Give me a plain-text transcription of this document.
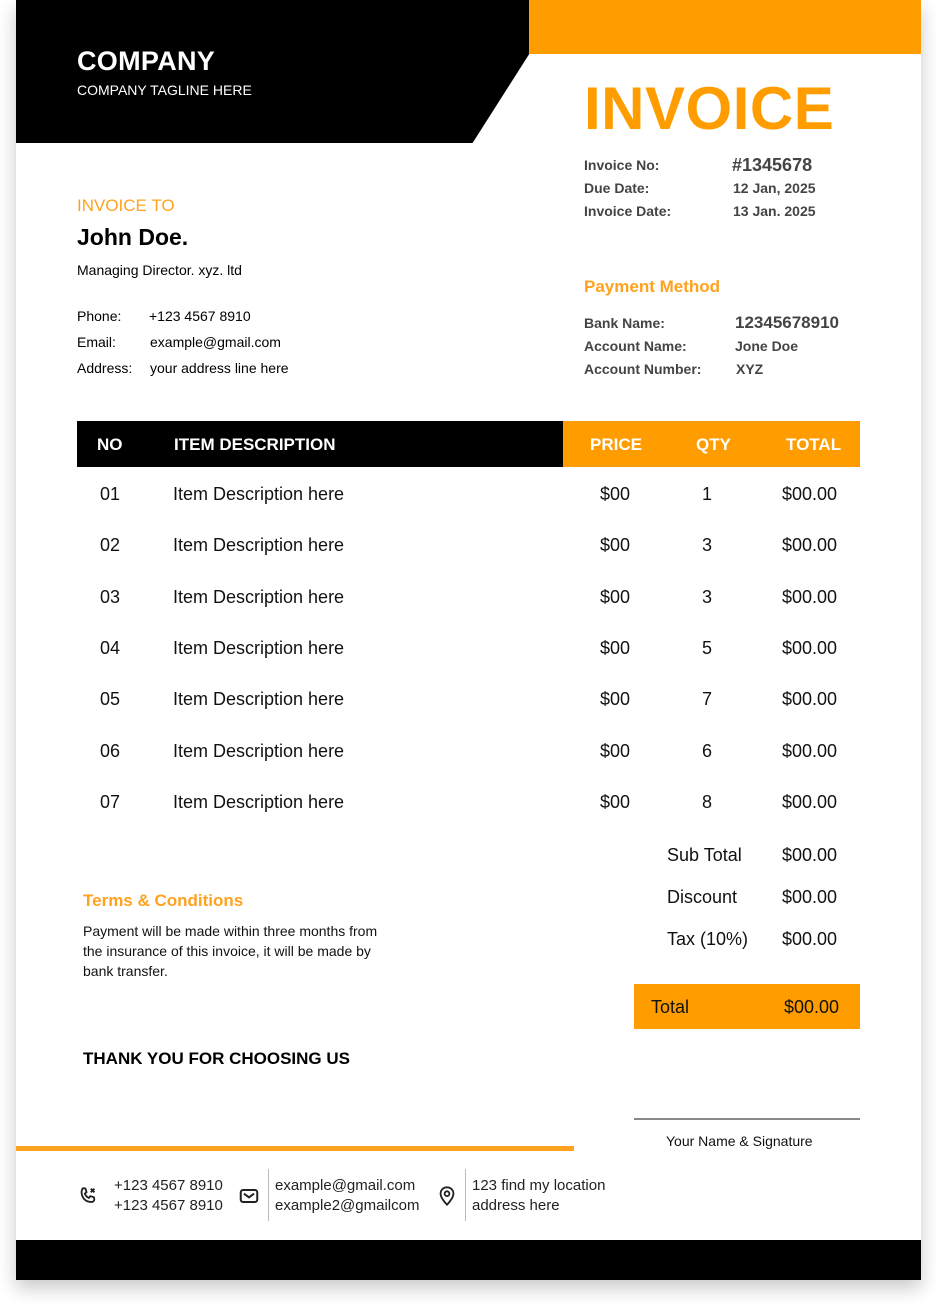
COMPANY
COMPANY TAGLINE HERE	INVOICE
Invoice No:	#1345678
Due Date:	12 Jan, 2025
Invoice Date:	13 Jan. 2025
INVOICE TO
John Doe.
Managing Director. xyz. ltd
Phone: +123 4567 8910
Email: example@gmail.com
Address: your address line here
Payment Method
Bank Name:	12345678910
Account Name:	Jone Doe
Account Number: XYZ
NO	ITEM DESCRIPTION	PRICE	QTY	TOTAL
01	Item Description here	$00	1	$00.00
02	Item Description here	$00	3	$00.00
03	Item Description here	$00	3	$00.00
04	Item Description here	$00	5	$00.00
05	Item Description here	$00	7	$00.00
06	Item Description here	$00	6	$00.00
07	Item Description here	$00	8	$00.00
Sub Total $00.00
Discount $00.00
Tax (10%) $00.00
Total	$00.00
Terms & Conditions
Payment will be made within three months from the insurance of this invoice, it will be made by bank transfer.
THANK YOU FOR CHOOSING US
Your Name & Signature
+123 4567 8910
+123 4567 8910
example@gmail.com
example2@gmailcom
123 find my location
address here
